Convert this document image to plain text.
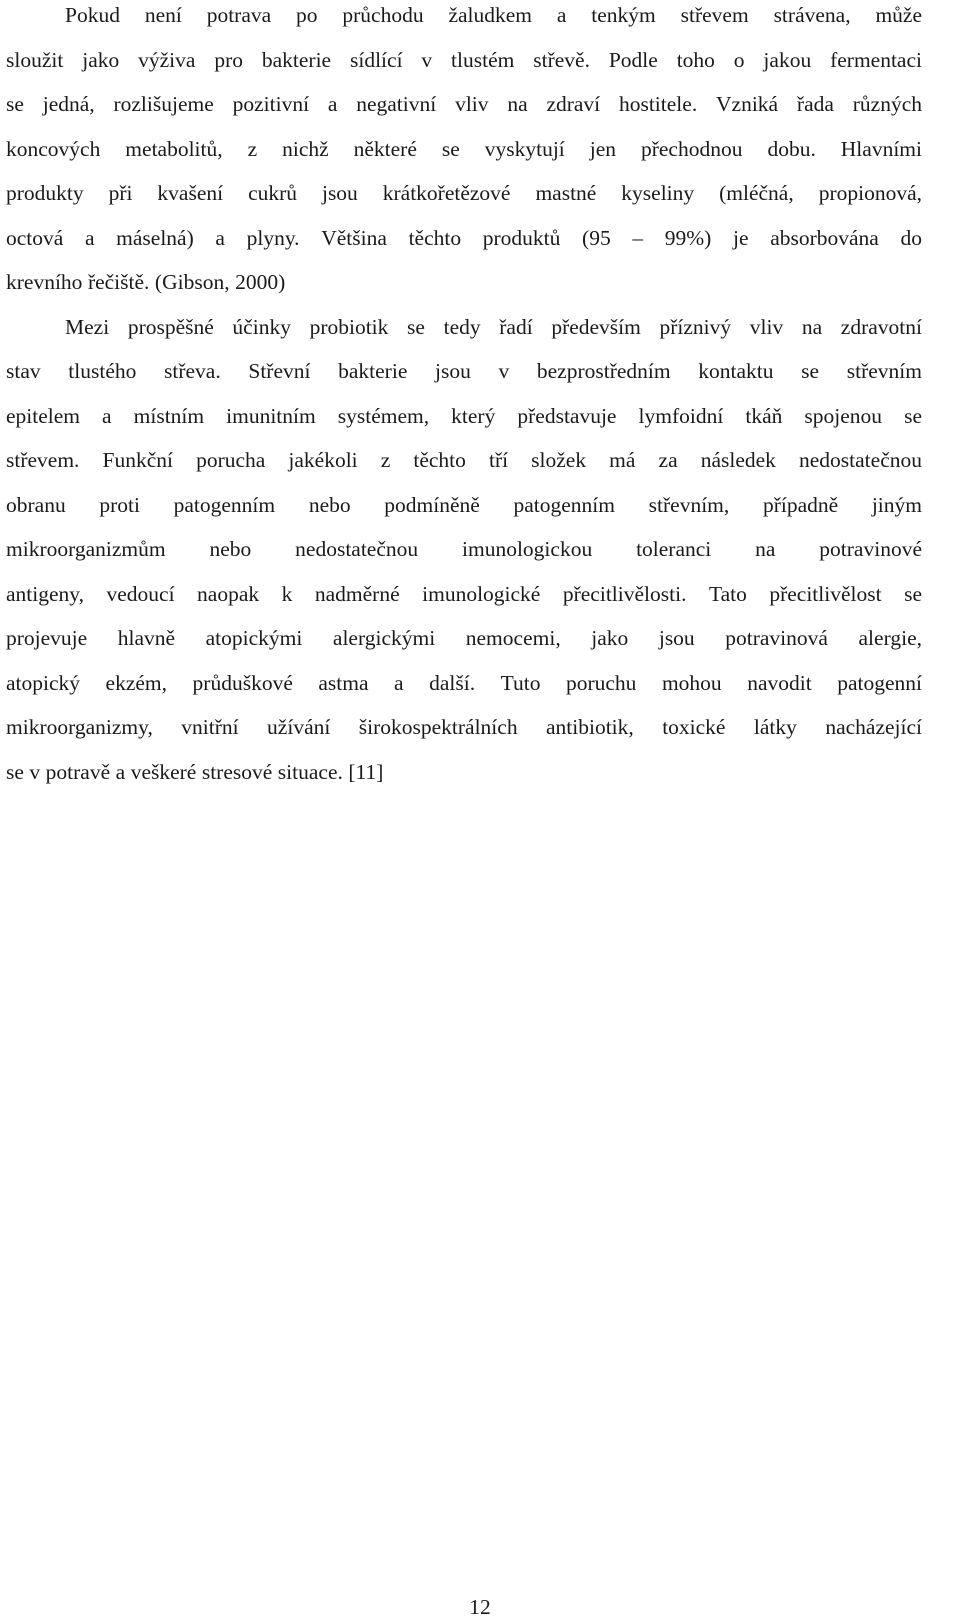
Pokud není potrava po průchodu žaludkem a tenkým střevem strávena, může
sloužit jako výživa pro bakterie sídlící v tlustém střevě. Podle toho o jakou fermentaci
se jedná, rozlišujeme pozitivní a negativní vliv na zdraví hostitele. Vzniká řada různých
koncových metabolitů, z nichž některé se vyskytují jen přechodnou dobu. Hlavními
produkty při kvašení cukrů jsou krátkořetězové mastné kyseliny (mléčná, propionová,
octová a máselná) a plyny. Většina těchto produktů (95 – 99%) je absorbována do
krevního řečiště. (Gibson, 2000)
Mezi prospěšné účinky probiotik se tedy řadí především příznivý vliv na zdravotní
stav tlustého střeva. Střevní bakterie jsou v bezprostředním kontaktu se střevním
epitelem a místním imunitním systémem, který představuje lymfoidní tkáň spojenou se
střevem. Funkční porucha jakékoli z těchto tří složek má za následek nedostatečnou
obranu proti patogenním nebo podmíněně patogenním střevním, případně jiným
mikroorganizmům nebo nedostatečnou imunologickou toleranci na potravinové
antigeny, vedoucí naopak k nadměrné imunologické přecitlivělosti. Tato přecitlivělost se
projevuje hlavně atopickými alergickými nemocemi, jako jsou potravinová alergie,
atopický ekzém, průduškové astma a další. Tuto poruchu mohou navodit patogenní
mikroorganizmy, vnitřní užívání širokospektrálních antibiotik, toxické látky nacházející
se v potravě a veškeré stresové situace. [11]
12
